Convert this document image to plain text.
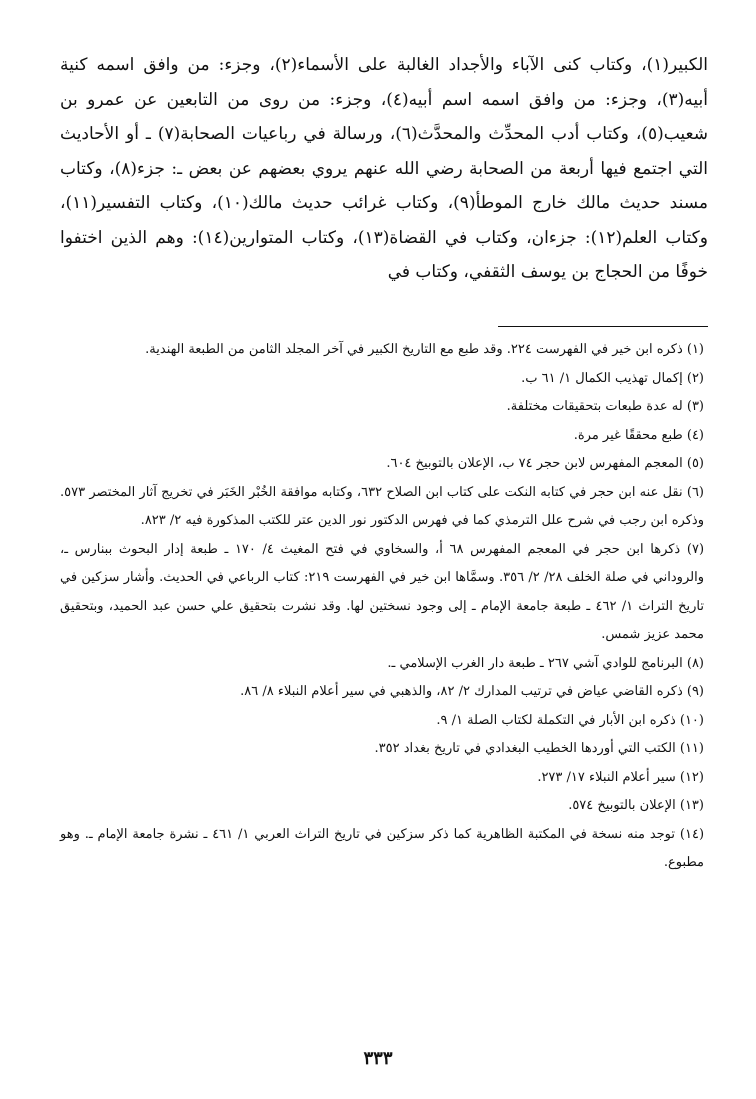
الكبير(١)، وكتاب كنى الآباء والأجداد الغالبة على الأسماء(٢)، وجزء: من وافق اسمه كنية أبيه(٣)، وجزء: من وافق اسمه اسم أبيه(٤)، وجزء: من روى من التابعين عن عمرو بن شعيب(٥)، وكتاب أدب المحدِّث والمحدَّث(٦)، ورسالة في رباعيات الصحابة(٧) ـ أو الأحاديث التي اجتمع فيها أربعة من الصحابة رضي الله عنهم يروي بعضهم عن بعض ـ: جزء(٨)، وكتاب مسند حديث مالك خارج الموطأ(٩)، وكتاب غرائب حديث مالك(١٠)، وكتاب التفسير(١١)، وكتاب العلم(١٢): جزءان، وكتاب في القضاة(١٣)، وكتاب المتوارين(١٤): وهم الذين اختفوا خوفًا من الحجاج بن يوسف الثقفي، وكتاب في

(١) ذكره ابن خير في الفهرست ٢٢٤. وقد طبع مع التاريخ الكبير في آخر المجلد الثامن من الطبعة الهندية.

(٢) إكمال تهذيب الكمال ١/ ٦١ ب.

(٣) له عدة طبعات بتحقيقات مختلفة.

(٤) طبع محققًا غير مرة.

(٥) المعجم المفهرس لابن حجر ٧٤ ب، الإعلان بالتوبيخ ٦٠٤.

(٦) نقل عنه ابن حجر في كتابه النكت على كتاب ابن الصلاح ٦٣٢، وكتابه موافقة الخُبْر الخَبَر في تخريج آثار المختصر ٥٧٣. وذكره ابن رجب في شرح علل الترمذي كما في فهرس الدكتور نور الدين عتر للكتب المذكورة فيه ٢/ ٨٢٣.

(٧) ذكرها ابن حجر في المعجم المفهرس ٦٨ أ، والسخاوي في فتح المغيث ٤/ ١٧٠ ـ طبعة إدار البحوث ببنارس ـ، والروداني في صلة الخلف ٢٨/ ٢/ ٣٥٦. وسمَّاها ابن خير في الفهرست ٢١٩: كتاب الرباعي في الحديث. وأشار سزكين في تاريخ التراث ١/ ٤٦٢ ـ طبعة جامعة الإمام ـ إلى وجود نسختين لها. وقد نشرت بتحقيق علي حسن عبد الحميد، وبتحقيق محمد عزيز شمس.

(٨) البرنامج للوادي آشي ٢٦٧ ـ طبعة دار الغرب الإسلامي ـ.

(٩) ذكره القاضي عياض في ترتيب المدارك ٢/ ٨٢، والذهبي في سير أعلام النبلاء ٨/ ٨٦.

(١٠) ذكره ابن الأبار في التكملة لكتاب الصلة ١/ ٩.

(١١) الكتب التي أوردها الخطيب البغدادي في تاريخ بغداد ٣٥٢.

(١٢) سير أعلام النبلاء ١٧/ ٢٧٣.

(١٣) الإعلان بالتوبيخ ٥٧٤.

(١٤) توجد منه نسخة في المكتبة الظاهرية كما ذكر سزكين في تاريخ التراث العربي ١/ ٤٦١ ـ نشرة جامعة الإمام ـ. وهو مطبوع.

٣٣٣
